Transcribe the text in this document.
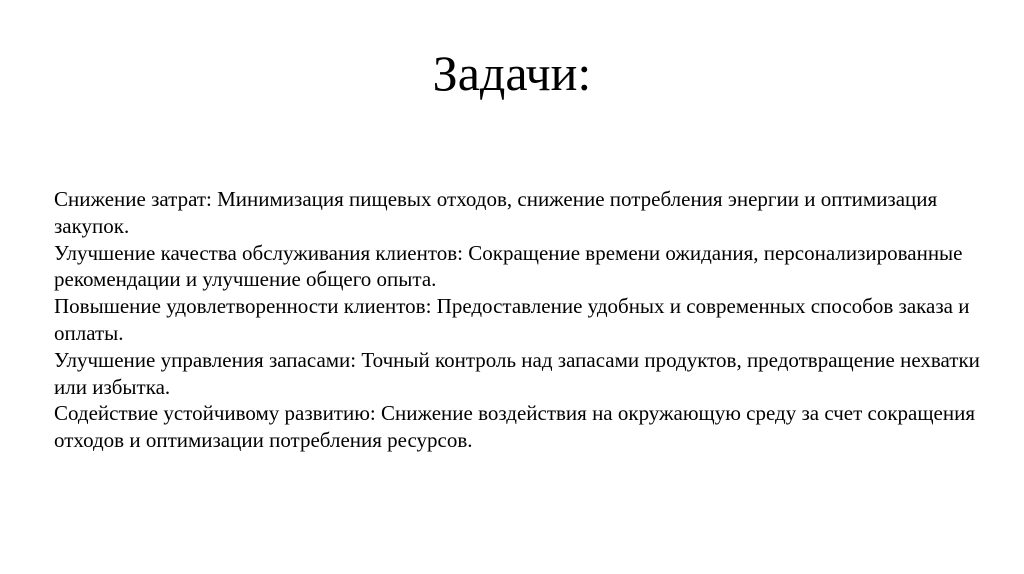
Задачи:
Снижение затрат: Минимизация пищевых отходов, снижение потребления энергии и оптимизация закупок.
Улучшение качества обслуживания клиентов: Сокращение времени ожидания, персонализированные рекомендации и улучшение общего опыта.
Повышение удовлетворенности клиентов: Предоставление удобных и современных способов заказа и оплаты.
Улучшение управления запасами: Точный контроль над запасами продуктов, предотвращение нехватки или избытка.
Содействие устойчивому развитию: Снижение воздействия на окружающую среду за счет сокращения отходов и оптимизации потребления ресурсов.
